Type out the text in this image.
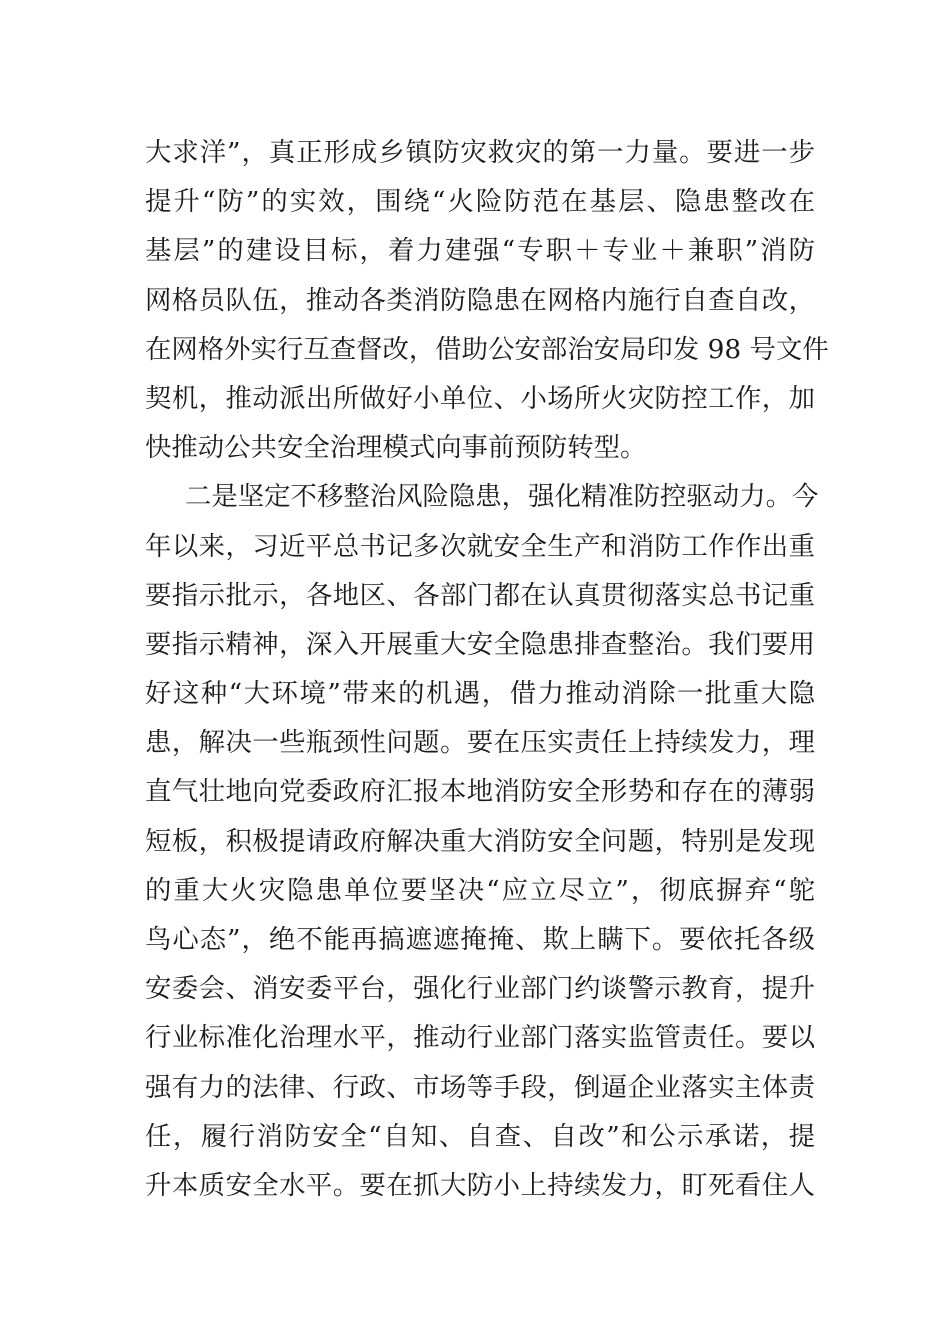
大求洋”，真正形成乡镇防灾救灾的第一力量。要进一步
提升“防”的实效，围绕“火险防范在基层、隐患整改在
基层”的建设目标，着力建强“专职＋专业＋兼职”消防
网格员队伍，推动各类消防隐患在网格内施行自查自改，
在网格外实行互查督改，借助公安部治安局印发 98 号文件
契机，推动派出所做好小单位、小场所火灾防控工作，加
快推动公共安全治理模式向事前预防转型。
二是坚定不移整治风险隐患，强化精准防控驱动力。今
年以来，习近平总书记多次就安全生产和消防工作作出重
要指示批示，各地区、各部门都在认真贯彻落实总书记重
要指示精神，深入开展重大安全隐患排查整治。我们要用
好这种“大环境”带来的机遇，借力推动消除一批重大隐
患，解决一些瓶颈性问题。要在压实责任上持续发力，理
直气壮地向党委政府汇报本地消防安全形势和存在的薄弱
短板，积极提请政府解决重大消防安全问题，特别是发现
的重大火灾隐患单位要坚决“应立尽立”，彻底摒弃“鸵
鸟心态”，绝不能再搞遮遮掩掩、欺上瞒下。要依托各级
安委会、消安委平台，强化行业部门约谈警示教育，提升
行业标准化治理水平，推动行业部门落实监管责任。要以
强有力的法律、行政、市场等手段，倒逼企业落实主体责
任，履行消防安全“自知、自查、自改”和公示承诺，提
升本质安全水平。要在抓大防小上持续发力，盯死看住人
